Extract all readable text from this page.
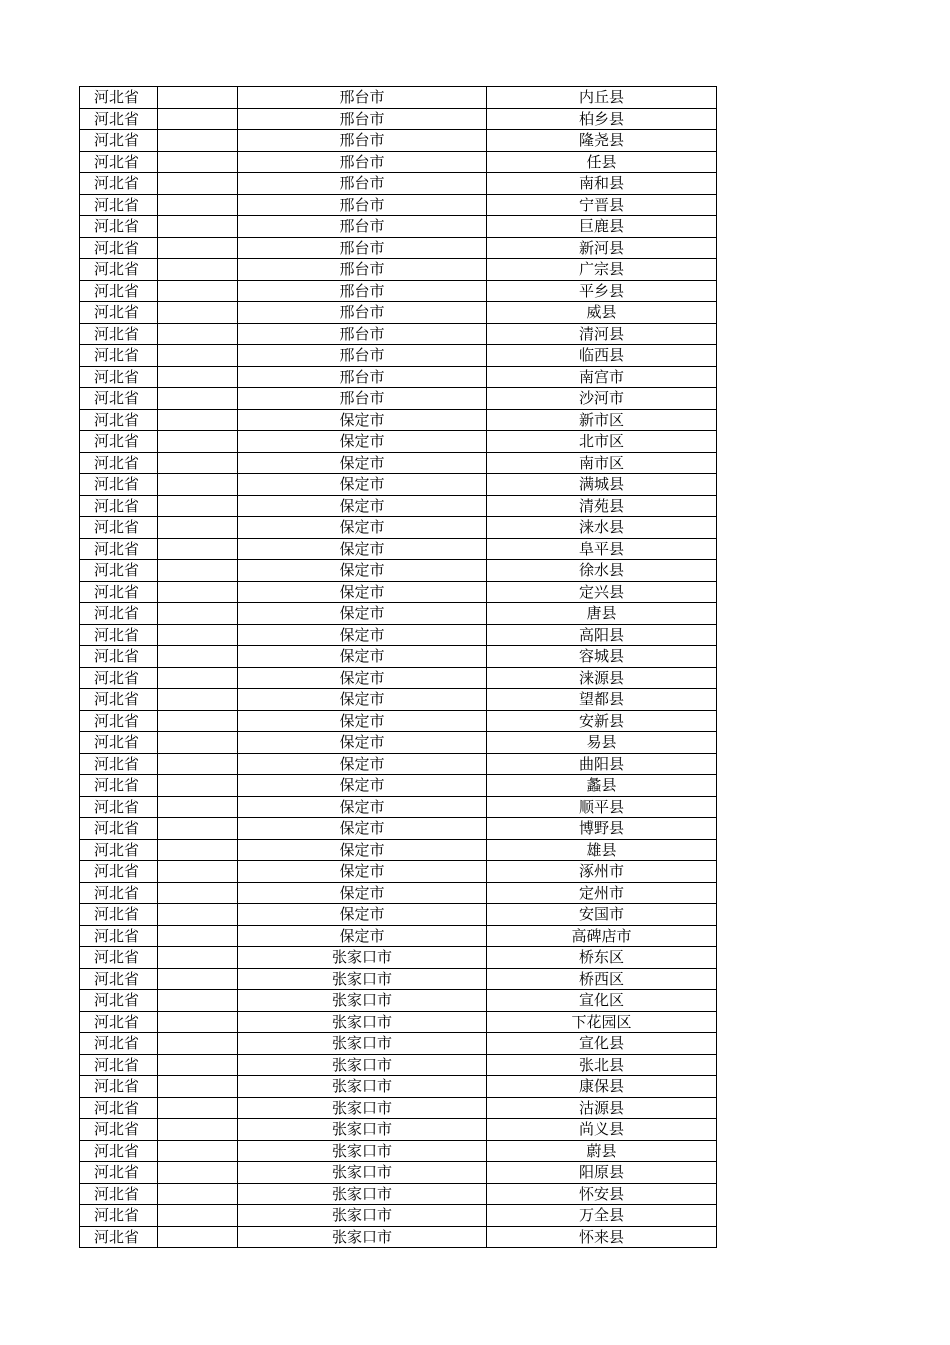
河北省		邢台市	内丘县
河北省		邢台市	柏乡县
河北省		邢台市	隆尧县
河北省		邢台市	任县
河北省		邢台市	南和县
河北省		邢台市	宁晋县
河北省		邢台市	巨鹿县
河北省		邢台市	新河县
河北省		邢台市	广宗县
河北省		邢台市	平乡县
河北省		邢台市	威县
河北省		邢台市	清河县
河北省		邢台市	临西县
河北省		邢台市	南宫市
河北省		邢台市	沙河市
河北省		保定市	新市区
河北省		保定市	北市区
河北省		保定市	南市区
河北省		保定市	满城县
河北省		保定市	清苑县
河北省		保定市	涞水县
河北省		保定市	阜平县
河北省		保定市	徐水县
河北省		保定市	定兴县
河北省		保定市	唐县
河北省		保定市	高阳县
河北省		保定市	容城县
河北省		保定市	涞源县
河北省		保定市	望都县
河北省		保定市	安新县
河北省		保定市	易县
河北省		保定市	曲阳县
河北省		保定市	蠡县
河北省		保定市	顺平县
河北省		保定市	博野县
河北省		保定市	雄县
河北省		保定市	涿州市
河北省		保定市	定州市
河北省		保定市	安国市
河北省		保定市	高碑店市
河北省		张家口市	桥东区
河北省		张家口市	桥西区
河北省		张家口市	宣化区
河北省		张家口市	下花园区
河北省		张家口市	宣化县
河北省		张家口市	张北县
河北省		张家口市	康保县
河北省		张家口市	沽源县
河北省		张家口市	尚义县
河北省		张家口市	蔚县
河北省		张家口市	阳原县
河北省		张家口市	怀安县
河北省		张家口市	万全县
河北省		张家口市	怀来县
